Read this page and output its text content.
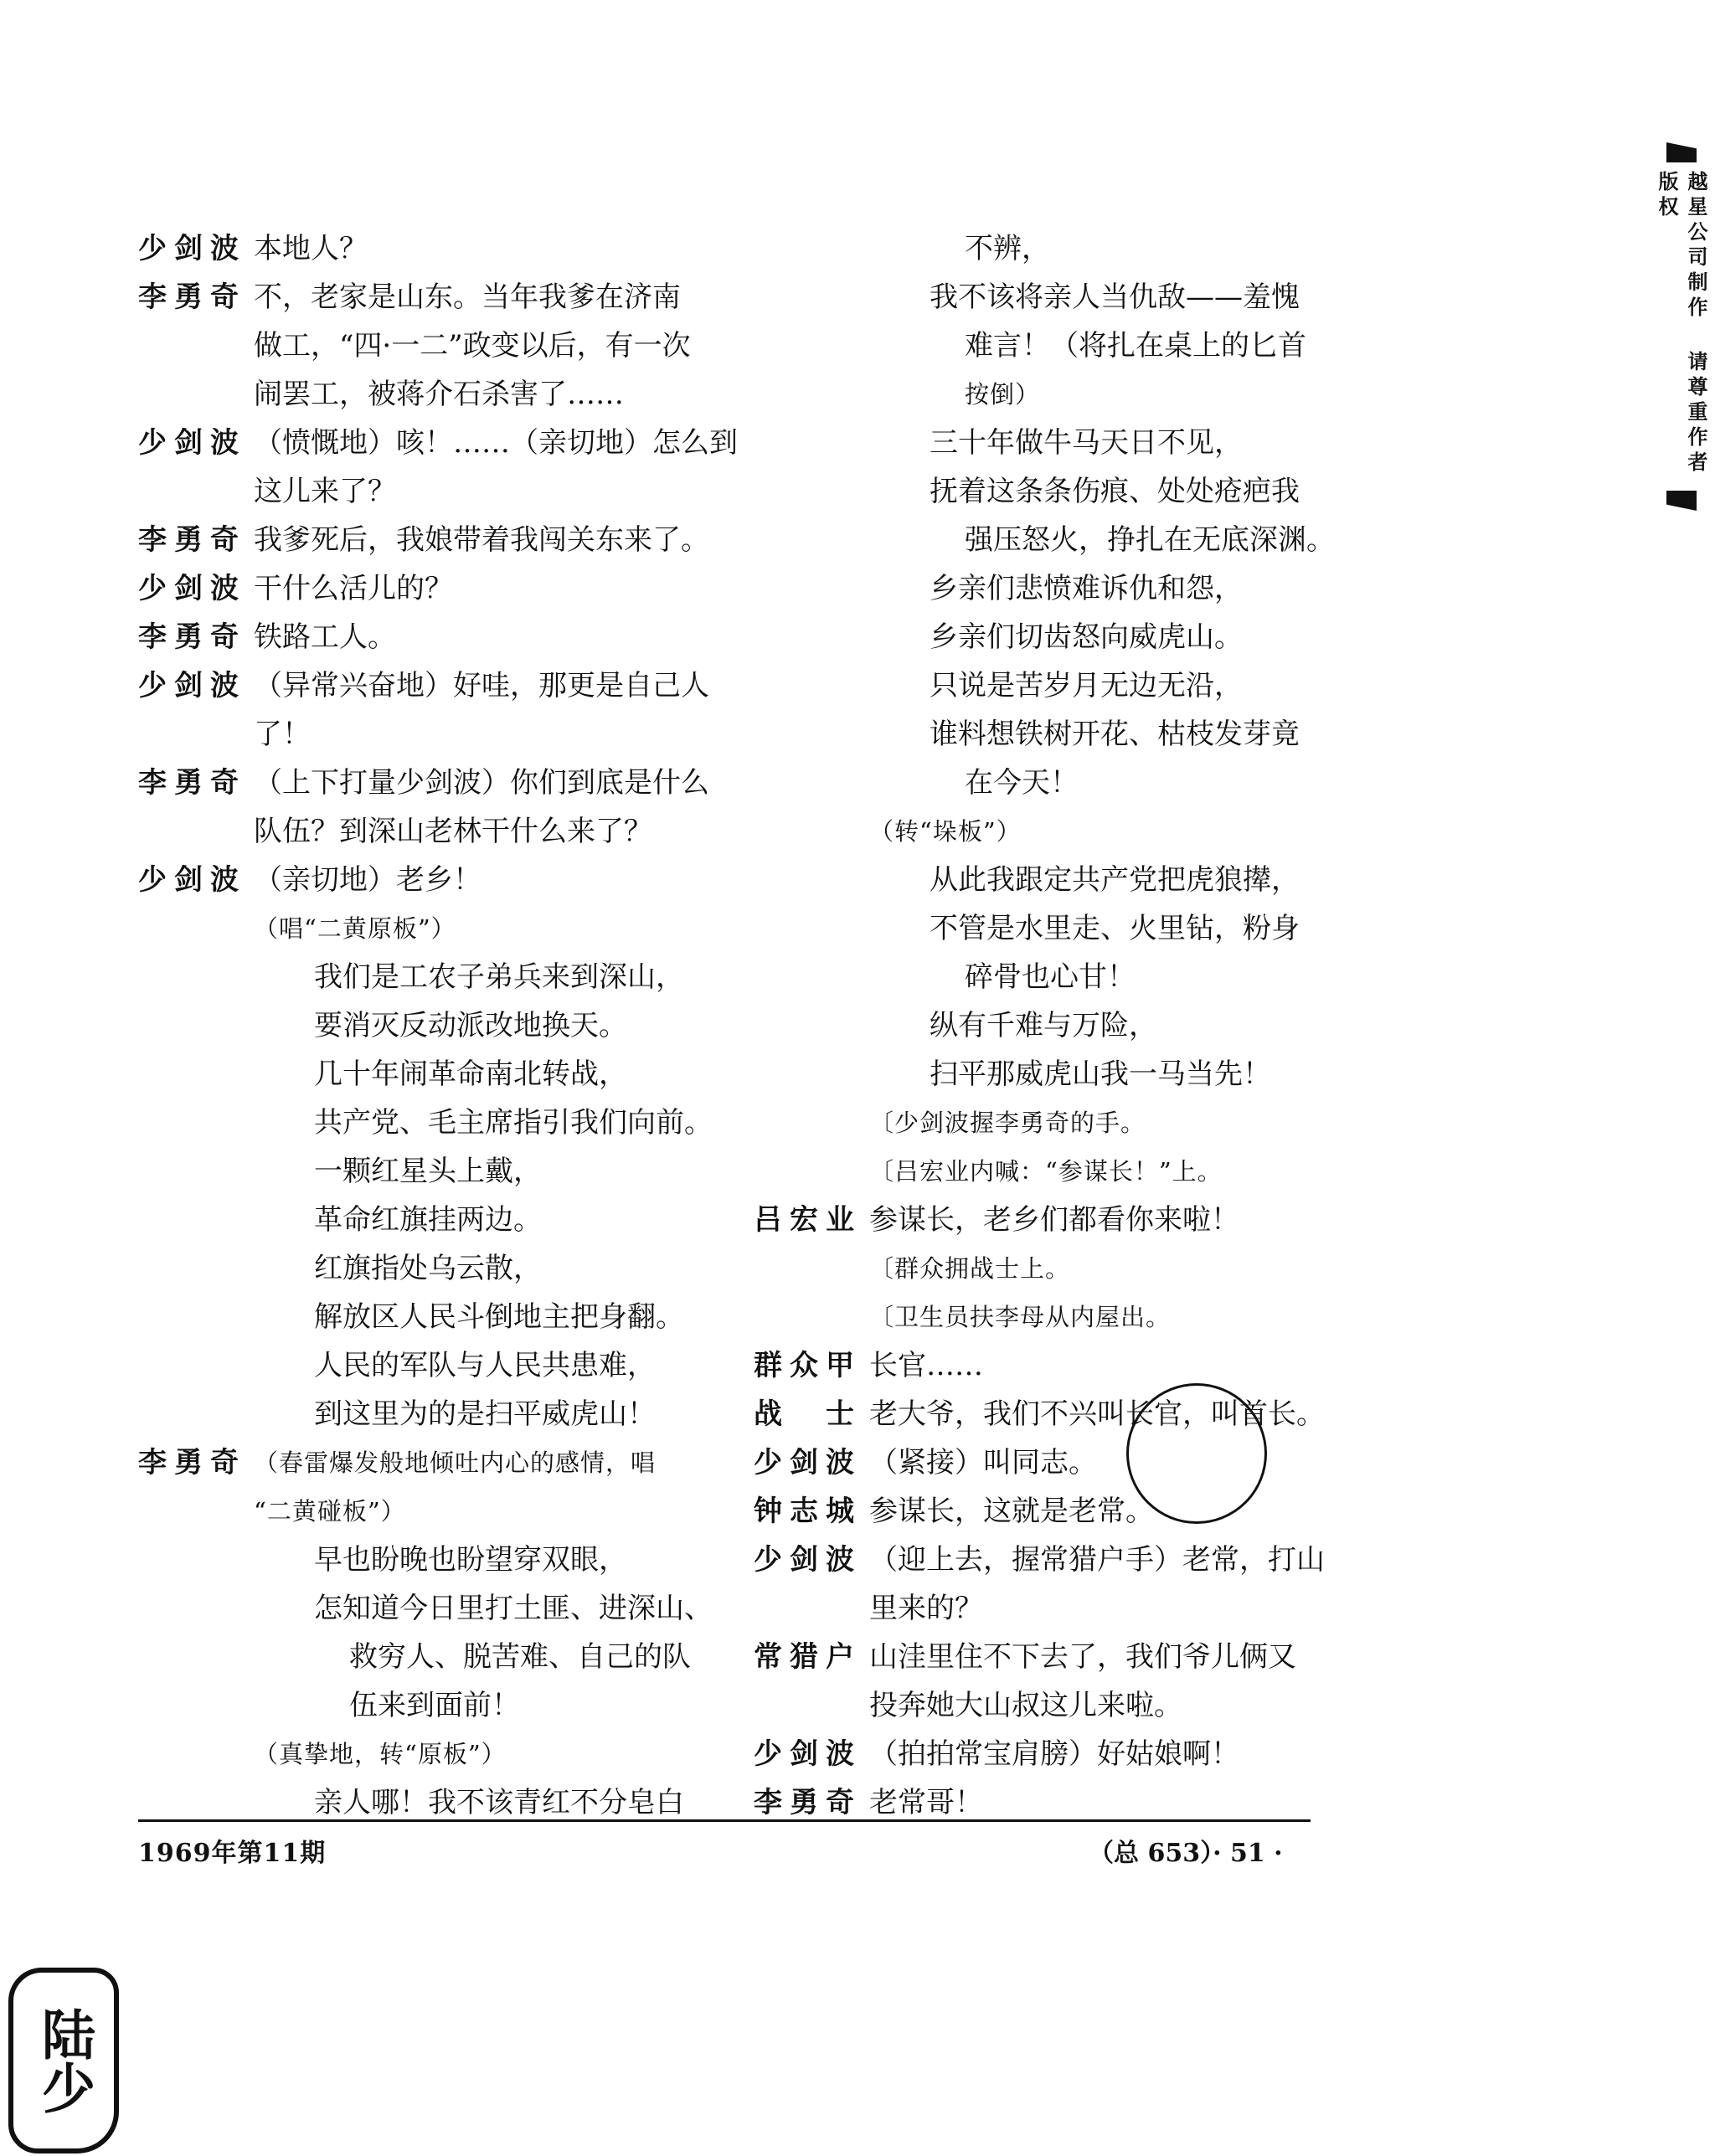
越星公司制作 请尊重作者版权
少剑波 本地人？
李勇奇 不，老家是山东。当年我爹在济南
做工，“四·一二”政变以后，有一次
闹罢工，被蒋介石杀害了……
少剑波 （愤慨地）咳！……（亲切地）怎么到
这儿来了？
李勇奇 我爹死后，我娘带着我闯关东来了。
少剑波 干什么活儿的？
李勇奇 铁路工人。
少剑波 （异常兴奋地）好哇，那更是自己人
了！
李勇奇 （上下打量少剑波）你们到底是什么
队伍？到深山老林干什么来了？
少剑波 （亲切地）老乡！
（唱“二黄原板”）
我们是工农子弟兵来到深山，
要消灭反动派改地换天。
几十年闹革命南北转战，
共产党、毛主席指引我们向前。
一颗红星头上戴，
革命红旗挂两边。
红旗指处乌云散，
解放区人民斗倒地主把身翻。
人民的军队与人民共患难，
到这里为的是扫平威虎山！
李勇奇 （春雷爆发般地倾吐内心的感情，唱
“二黄碰板”）
早也盼晚也盼望穿双眼，
怎知道今日里打土匪、进深山、
救穷人、脱苦难、自己的队
伍来到面前！
（真挚地，转“原板”）
亲人哪！我不该青红不分皂白
不辨，
我不该将亲人当仇敌——羞愧
难言！（将扎在桌上的匕首
按倒）
三十年做牛马天日不见，
抚着这条条伤痕、处处疮疤我
强压怒火，挣扎在无底深渊。
乡亲们悲愤难诉仇和怨，
乡亲们切齿怒向威虎山。
只说是苦岁月无边无沿，
谁料想铁树开花、枯枝发芽竟
在今天！
（转“垛板”）
从此我跟定共产党把虎狼撵，
不管是水里走、火里钻，粉身
碎骨也心甘！
纵有千难与万险，
扫平那威虎山我一马当先！
〔少剑波握李勇奇的手。
〔吕宏业内喊：“参谋长！”上。
吕宏业 参谋长，老乡们都看你来啦！
〔群众拥战士上。
〔卫生员扶李母从内屋出。
群众甲 长官……
战　士 老大爷，我们不兴叫长官，叫首长。
少剑波 （紧接）叫同志。
钟志城 参谋长，这就是老常。
少剑波 （迎上去，握常猎户手）老常，打山
里来的？
常猎户 山洼里住不下去了，我们爷儿俩又
投奔她大山叔这儿来啦。
少剑波 （拍拍常宝肩膀）好姑娘啊！
李勇奇 老常哥！
1969年第11期	（总 653）· 51 ·
陆少
